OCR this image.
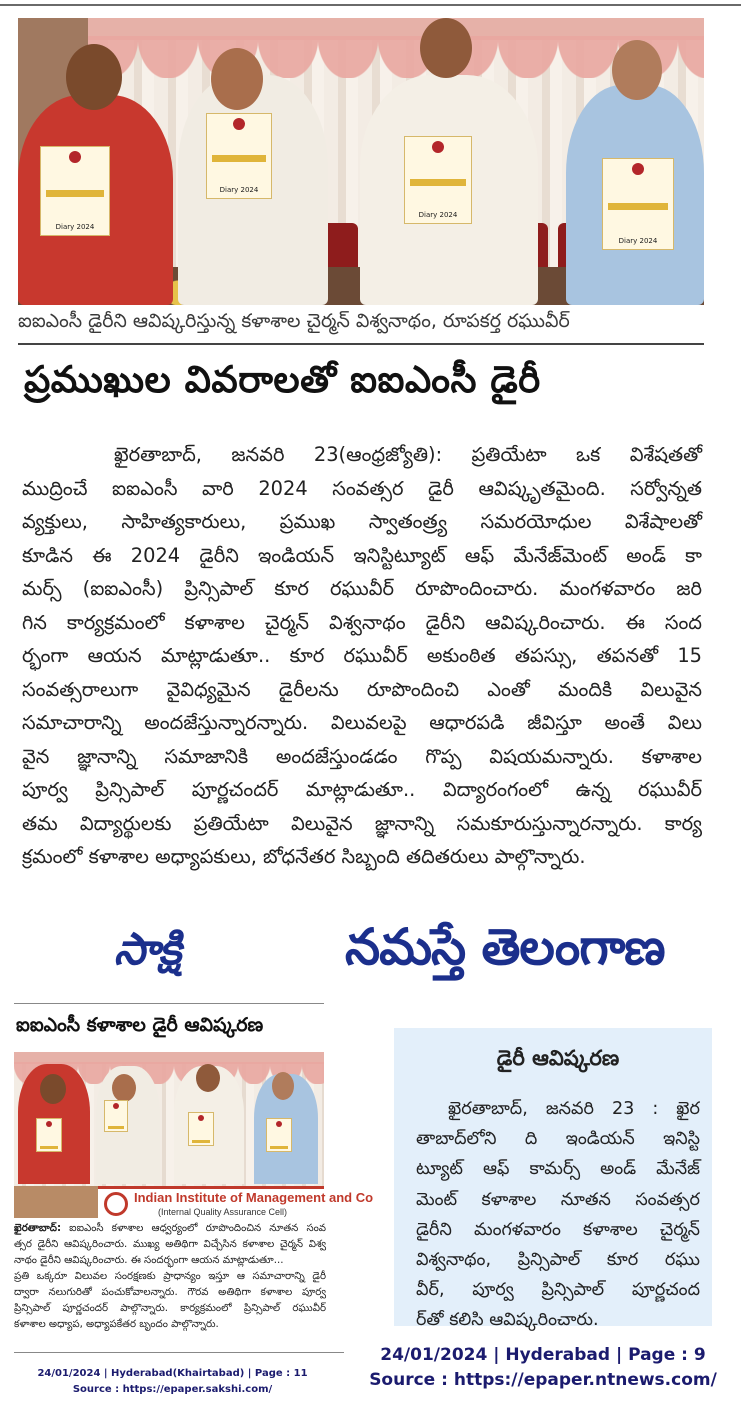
Diary 2024
Diary 2024
Diary 2024
Diary 2024
ఐఐఎంసీ డైరీని ఆవిష్కరిస్తున్న కళాశాల చైర్మన్ విశ్వనాథం, రూపకర్త రఘువీర్
ప్రముఖుల వివరాలతో ఐఐఎంసీ డైరీ
ఖైరతాబాద్, జనవరి 23(ఆంధ్రజ్యోతి): ప్రతియేటా ఒక విశేషతతో
ముద్రించే ఐఐఎంసీ వారి 2024 సంవత్సర డైరీ ఆవిష్కృతమైంది. సర్వోన్నత
వ్యక్తులు, సాహిత్యకారులు, ప్రముఖ స్వాతంత్ర్య సమరయోధుల విశేషాలతో
కూడిన ఈ 2024 డైరీని ఇండియన్ ఇనిస్టిట్యూట్ ఆఫ్ మేనేజ్‌మెంట్ అండ్ కా
మర్స్ (ఐఐఎంసీ) ప్రిన్సిపాల్ కూర రఘువీర్ రూపొందించారు. మంగళవారం జరి
గిన కార్యక్రమంలో కళాశాల చైర్మన్ విశ్వనాథం డైరీని ఆవిష్కరించారు. ఈ సంద
ర్భంగా ఆయన మాట్లాడుతూ.. కూర రఘువీర్ అకుంఠిత తపస్సు, తపనతో 15
సంవత్సరాలుగా వైవిధ్యమైన డైరీలను రూపొందించి ఎంతో మందికి విలువైన
సమాచారాన్ని అందజేస్తున్నారన్నారు. విలువలపై ఆధారపడి జీవిస్తూ అంతే విలు
వైన జ్ఞానాన్ని సమాజానికి అందజేస్తుండడం గొప్ప విషయమన్నారు. కళాశాల
పూర్వ ప్రిన్సిపాల్ పూర్ణచందర్ మాట్లాడుతూ.. విద్యారంగంలో ఉన్న రఘువీర్
తమ విద్యార్థులకు ప్రతియేటా విలువైన జ్ఞానాన్ని సమకూరుస్తున్నారన్నారు. కార్య
క్రమంలో కళాశాల అధ్యాపకులు, బోధనేతర సిబ్బంది తదితరులు పాల్గొన్నారు.
సాక్షి
ఐఐఎంసీ కళాశాల డైరీ ఆవిష్కరణ
Indian Institute of Management and Co
(Internal Quality Assurance Cell)
ఖైరతాబాద్: ఐఐఎంసీ కళాశాల ఆధ్వర్యంలో రూపొందించిన నూతన సంవ
త్సర డైరీని ఆవిష్కరించారు. ముఖ్య అతిథిగా విచ్చేసిన కళాశాల చైర్మన్ విశ్వ
నాథం డైరీని ఆవిష్కరించారు. ఈ సందర్భంగా ఆయన మాట్లాడుతూ...
ప్రతి ఒక్కరూ విలువల సంరక్షణకు ప్రాధాన్యం ఇస్తూ ఆ సమాచారాన్ని డైరీ
ద్వారా నలుగురితో పంచుకోవాలన్నారు. గౌరవ అతిథిగా కళాశాల పూర్వ
ప్రిన్సిపాల్ పూర్ణచందర్ పాల్గొన్నారు. కార్యక్రమంలో ప్రిన్సిపాల్ రఘువీర్
కళాశాల అధ్యాప, అధ్యాపకేతర బృందం పాల్గొన్నారు.
24/01/2024 | Hyderabad(Khairtabad) | Page : 11
Source : https://epaper.sakshi.com/
నమస్తే తెలంగాణ
డైరీ ఆవిష్కరణ
ఖైరతాబాద్, జనవరి 23 : ఖైర
తాబాద్‌లోని ది ఇండియన్ ఇనిస్టి
ట్యూట్ ఆఫ్ కామర్స్ అండ్ మేనేజ్
మెంట్ కళాశాల నూతన సంవత్సర
డైరీని మంగళవారం కళాశాల చైర్మన్
విశ్వనాథం, ప్రిన్సిపాల్ కూర రఘు
వీర్, పూర్వ ప్రిన్సిపాల్ పూర్ణచంద
ర్‌తో కలిసి ఆవిష్కరించారు.
24/01/2024 | Hyderabad | Page : 9
Source : https://epaper.ntnews.com/
